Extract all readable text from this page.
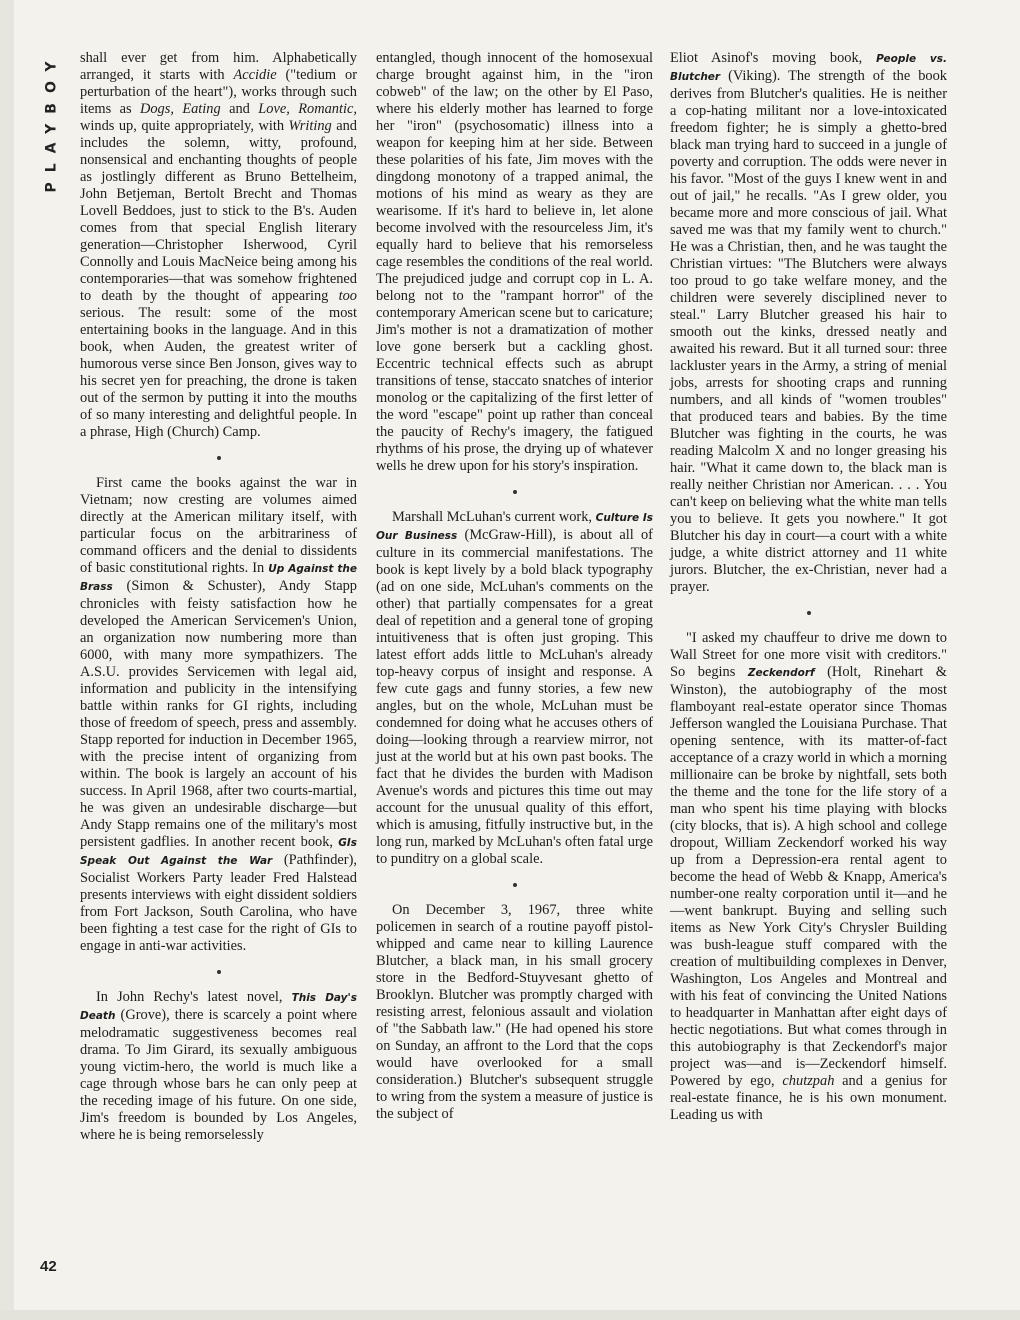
PLAYBOY shall ever get from him. Alphabetically arranged, it starts with Accidie ("tedium or perturbation of the heart"), works through such items as Dogs, Eating and Love, Romantic, winds up, quite appropriately, with Writing and includes the solemn, witty, profound, nonsensical and enchanting thoughts of people as jostlingly different as Bruno Bettelheim, John Betjeman, Bertolt Brecht and Thomas Lovell Beddoes, just to stick to the B's. Auden comes from that special English literary generation—Christopher Isherwood, Cyril Connolly and Louis MacNeice being among his contemporaries—that was somehow frightened to death by the thought of appearing too serious. The result: some of the most entertaining books in the language. And in this book, when Auden, the greatest writer of humorous verse since Ben Jonson, gives way to his secret yen for preaching, the drone is taken out of the sermon by putting it into the mouths of so many interesting and delightful people. In a phrase, High (Church) Camp.

First came the books against the war in Vietnam; now cresting are volumes aimed directly at the American military itself, with particular focus on the arbitrariness of command officers and the denial to dissidents of basic constitutional rights. In Up Against the Brass (Simon & Schuster), Andy Stapp chronicles with feisty satisfaction how he developed the American Servicemen's Union, an organization now numbering more than 6000, with many more sympathizers. The A.S.U. provides Servicemen with legal aid, information and publicity in the intensifying battle within ranks for GI rights, including those of freedom of speech, press and assembly. Stapp reported for induction in December 1965, with the precise intent of organizing from within. The book is largely an account of his success. In April 1968, after two courts-martial, he was given an undesirable discharge—but Andy Stapp remains one of the military's most persistent gadflies. In another recent book, GIs Speak Out Against the War (Pathfinder), Socialist Workers Party leader Fred Halstead presents interviews with eight dissident soldiers from Fort Jackson, South Carolina, who have been fighting a test case for the right of GIs to engage in anti-war activities.

In John Rechy's latest novel, This Day's Death (Grove), there is scarcely a point where melodramatic suggestiveness becomes real drama. To Jim Girard, its sexually ambiguous young victim-hero, the world is much like a cage through whose bars he can only peep at the receding image of his future. On one side, Jim's freedom is bounded by Los Angeles, where he is being remorselessly

entangled, though innocent of the homosexual charge brought against him, in the "iron cobweb" of the law; on the other by El Paso, where his elderly mother has learned to forge her "iron" (psychosomatic) illness into a weapon for keeping him at her side. Between these polarities of his fate, Jim moves with the dingdong monotony of a trapped animal, the motions of his mind as weary as they are wearisome. If it's hard to believe in, let alone become involved with the resourceless Jim, it's equally hard to believe that his remorseless cage resembles the conditions of the real world. The prejudiced judge and corrupt cop in L. A. belong not to the "rampant horror" of the contemporary American scene but to caricature; Jim's mother is not a dramatization of mother love gone berserk but a cackling ghost. Eccentric technical effects such as abrupt transitions of tense, staccato snatches of interior monolog or the capitalizing of the first letter of the word "escape" point up rather than conceal the paucity of Rechy's imagery, the fatigued rhythms of his prose, the drying up of whatever wells he drew upon for his story's inspiration.

Marshall McLuhan's current work, Culture Is Our Business (McGraw-Hill), is about all of culture in its commercial manifestations. The book is kept lively by a bold black typography (ad on one side, McLuhan's comments on the other) that partially compensates for a great deal of repetition and a general tone of groping intuitiveness that is often just groping. This latest effort adds little to McLuhan's already top-heavy corpus of insight and response. A few cute gags and funny stories, a few new angles, but on the whole, McLuhan must be condemned for doing what he accuses others of doing—looking through a rearview mirror, not just at the world but at his own past books. The fact that he divides the burden with Madison Avenue's words and pictures this time out may account for the unusual quality of this effort, which is amusing, fitfully instructive but, in the long run, marked by McLuhan's often fatal urge to punditry on a global scale.

On December 3, 1967, three white policemen in search of a routine payoff pistol-whipped and came near to killing Laurence Blutcher, a black man, in his small grocery store in the Bedford-Stuyvesant ghetto of Brooklyn. Blutcher was promptly charged with resisting arrest, felonious assault and violation of "the Sabbath law." (He had opened his store on Sunday, an affront to the Lord that the cops would have overlooked for a small consideration.) Blutcher's subsequent struggle to wring from the system a measure of justice is the subject of

Eliot Asinof's moving book, People vs. Blutcher (Viking). The strength of the book derives from Blutcher's qualities. He is neither a cop-hating militant nor a love-intoxicated freedom fighter; he is simply a ghetto-bred black man trying hard to succeed in a jungle of poverty and corruption. The odds were never in his favor. "Most of the guys I knew went in and out of jail," he recalls. "As I grew older, you became more and more conscious of jail. What saved me was that my family went to church." He was a Christian, then, and he was taught the Christian virtues: "The Blutchers were always too proud to go take welfare money, and the children were severely disciplined never to steal." Larry Blutcher greased his hair to smooth out the kinks, dressed neatly and awaited his reward. But it all turned sour: three lackluster years in the Army, a string of menial jobs, arrests for shooting craps and running numbers, and all kinds of "women troubles" that produced tears and babies. By the time Blutcher was fighting in the courts, he was reading Malcolm X and no longer greasing his hair. "What it came down to, the black man is really neither Christian nor American. . . . You can't keep on believing what the white man tells you to believe. It gets you nowhere." It got Blutcher his day in court—a court with a white judge, a white district attorney and 11 white jurors. Blutcher, the ex-Christian, never had a prayer.

"I asked my chauffeur to drive me down to Wall Street for one more visit with creditors." So begins Zeckendorf (Holt, Rinehart & Winston), the autobiography of the most flamboyant real-estate operator since Thomas Jefferson wangled the Louisiana Purchase. That opening sentence, with its matter-of-fact acceptance of a crazy world in which a morning millionaire can be broke by nightfall, sets both the theme and the tone for the life story of a man who spent his time playing with blocks (city blocks, that is). A high school and college dropout, William Zeckendorf worked his way up from a Depression-era rental agent to become the head of Webb & Knapp, America's number-one realty corporation until it—and he—went bankrupt. Buying and selling such items as New York City's Chrysler Building was bush-league stuff compared with the creation of multibuilding complexes in Denver, Washington, Los Angeles and Montreal and with his feat of convincing the United Nations to headquarter in Manhattan after eight days of hectic negotiations. But what comes through in this autobiography is that Zeckendorf's major project was—and is—Zeckendorf himself. Powered by ego, chutzpah and a genius for real-estate finance, he is his own monument. Leading us with

42
